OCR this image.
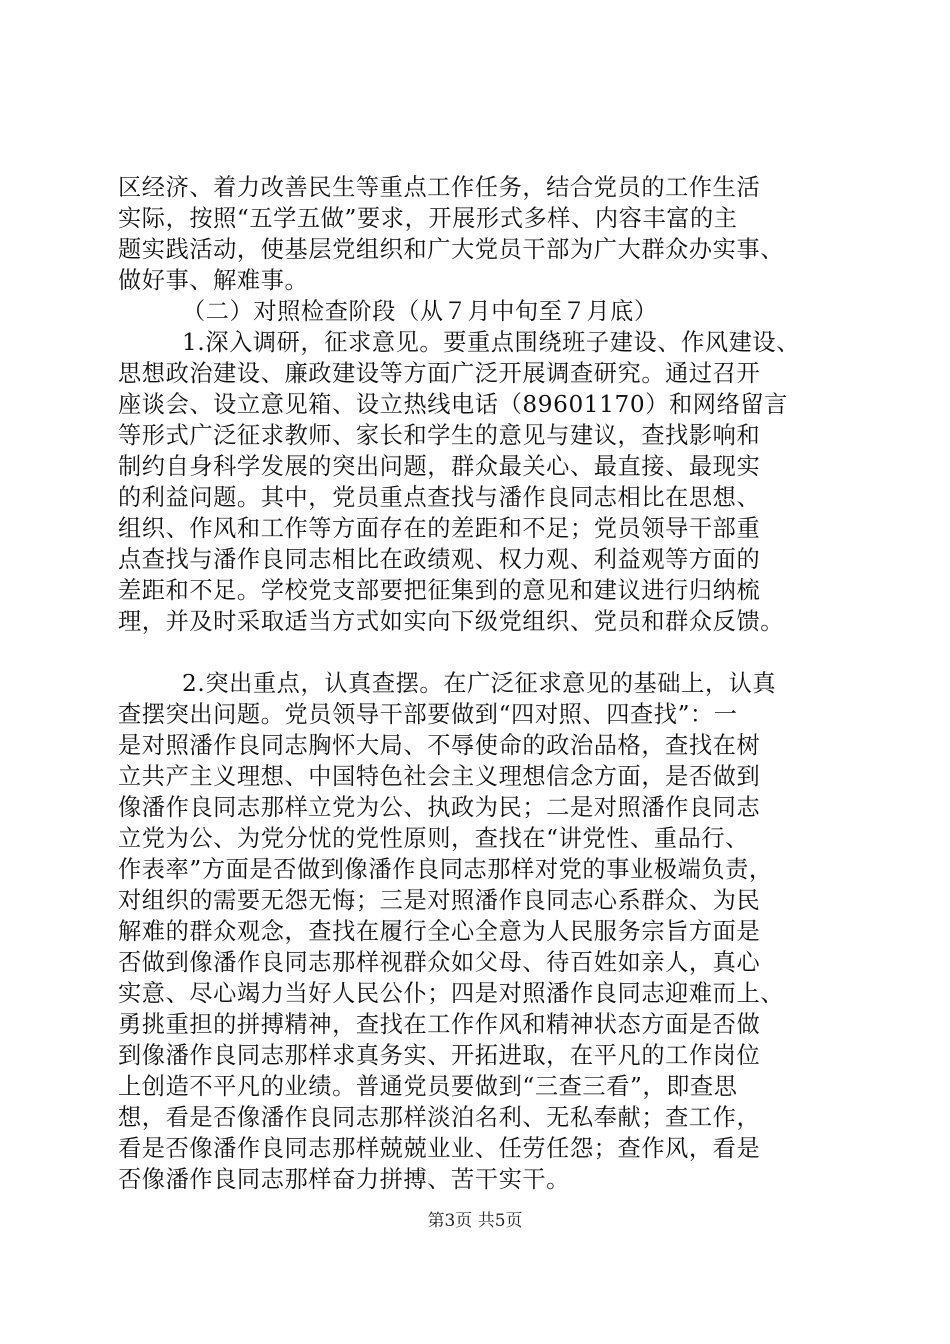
区经济、着力改善民生等重点工作任务，结合党员的工作生活
实际，按照“五学五做”要求，开展形式多样、内容丰富的主
题实践活动，使基层党组织和广大党员干部为广大群众办实事、
做好事、解难事。
（二）对照检查阶段（从７月中旬至７月底）
1.深入调研，征求意见。要重点围绕班子建设、作风建设、
思想政治建设、廉政建设等方面广泛开展调查研究。通过召开
座谈会、设立意见箱、设立热线电话（89601170）和网络留言
等形式广泛征求教师、家长和学生的意见与建议，查找影响和
制约自身科学发展的突出问题，群众最关心、最直接、最现实
的利益问题。其中，党员重点查找与潘作良同志相比在思想、
组织、作风和工作等方面存在的差距和不足；党员领导干部重
点查找与潘作良同志相比在政绩观、权力观、利益观等方面的
差距和不足。学校党支部要把征集到的意见和建议进行归纳梳
理，并及时采取适当方式如实向下级党组织、党员和群众反馈。
2.突出重点，认真查摆。在广泛征求意见的基础上，认真
查摆突出问题。党员领导干部要做到“四对照、四查找”：一
是对照潘作良同志胸怀大局、不辱使命的政治品格，查找在树
立共产主义理想、中国特色社会主义理想信念方面，是否做到
像潘作良同志那样立党为公、执政为民；二是对照潘作良同志
立党为公、为党分忧的党性原则，查找在“讲党性、重品行、
作表率”方面是否做到像潘作良同志那样对党的事业极端负责，
对组织的需要无怨无悔；三是对照潘作良同志心系群众、为民
解难的群众观念，查找在履行全心全意为人民服务宗旨方面是
否做到像潘作良同志那样视群众如父母、待百姓如亲人，真心
实意、尽心竭力当好人民公仆；四是对照潘作良同志迎难而上、
勇挑重担的拼搏精神，查找在工作作风和精神状态方面是否做
到像潘作良同志那样求真务实、开拓进取，在平凡的工作岗位
上创造不平凡的业绩。普通党员要做到“三查三看”，即查思
想，看是否像潘作良同志那样淡泊名利、无私奉献；查工作，
看是否像潘作良同志那样兢兢业业、任劳任怨；查作风，看是
否像潘作良同志那样奋力拼搏、苦干实干。
第3页 共5页
